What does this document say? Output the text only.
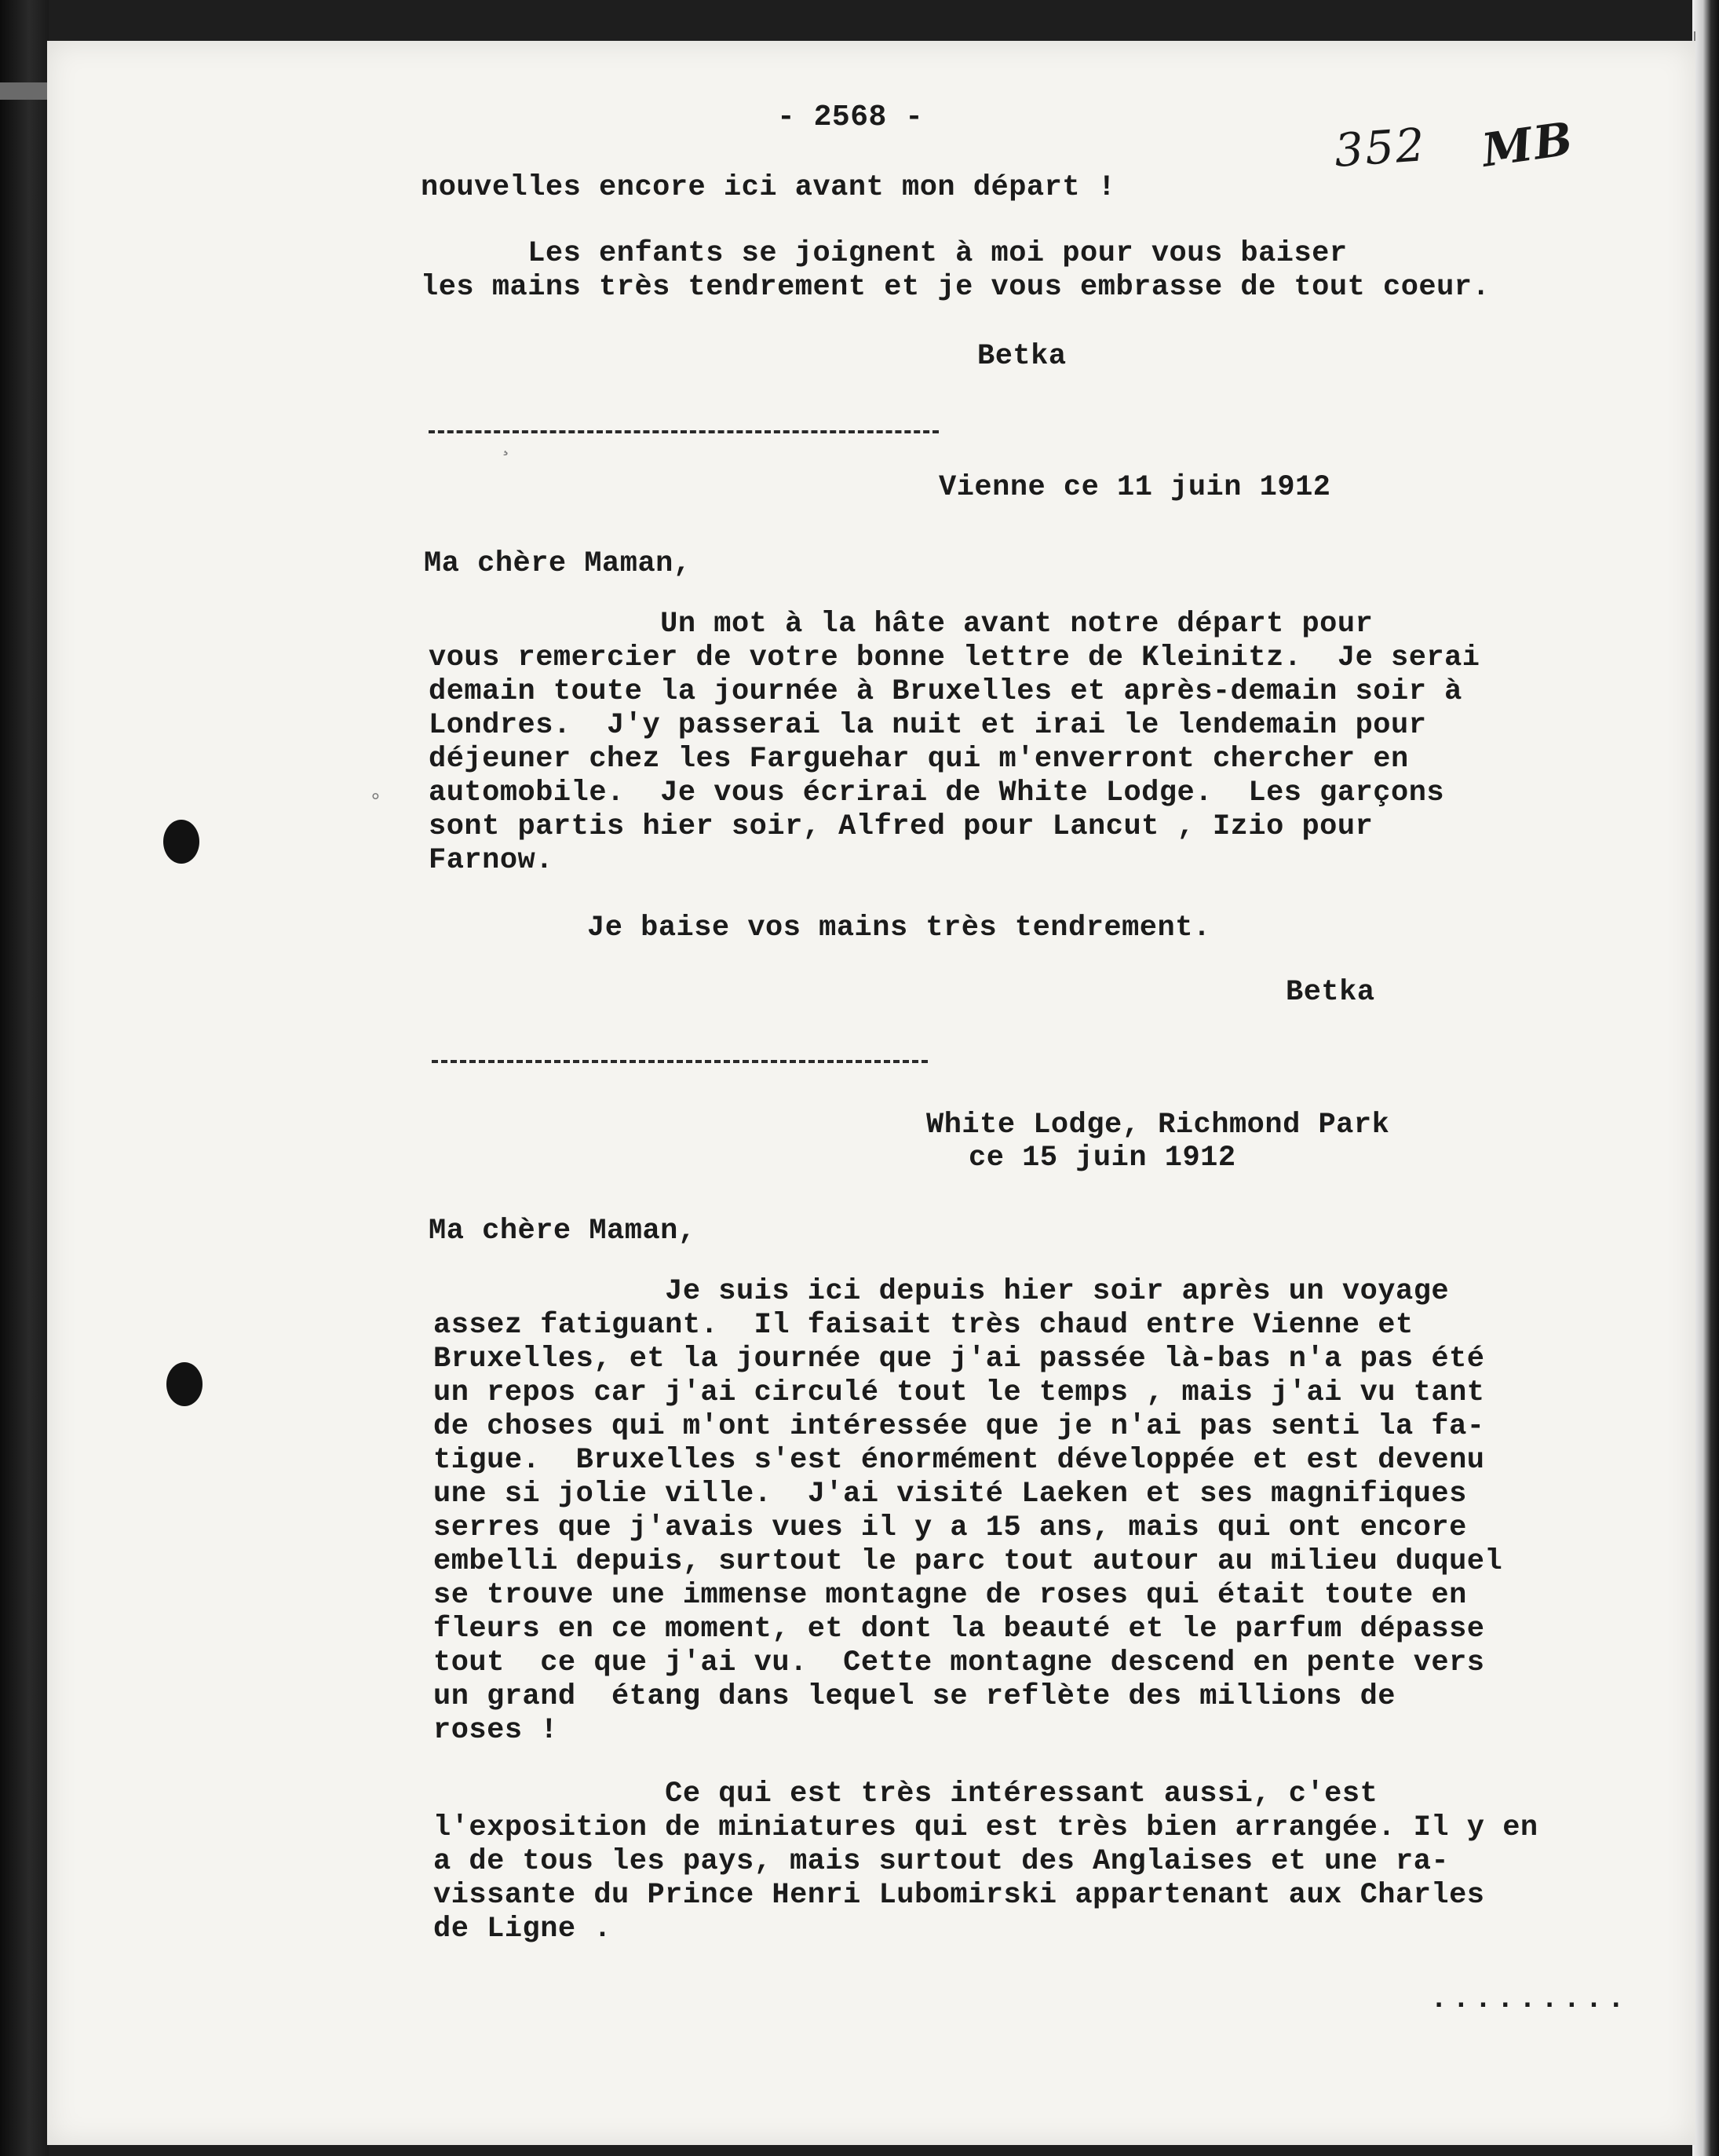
°
¸

- 2568 -

352 MB

nouvelles encore ici avant mon départ !

Les enfants se joignent à moi pour vous baiser
les mains très tendrement et je vous embrasse de tout coeur.

Betka

Vienne ce 11 juin 1912

Ma chère Maman,

Un mot à la hâte avant notre départ pour
vous remercier de votre bonne lettre de Kleinitz.  Je serai
demain toute la journée à Bruxelles et après-demain soir à
Londres.  J'y passerai la nuit et irai le lendemain pour
déjeuner chez les Farguehar qui m'enverront chercher en
automobile.  Je vous écrirai de White Lodge.  Les garçons
sont partis hier soir, Alfred pour Lancut , Izio pour
Farnow.

Je baise vos mains très tendrement.

Betka

White Lodge, Richmond Park

ce 15 juin 1912

Ma chère Maman,

Je suis ici depuis hier soir après un voyage
assez fatiguant.  Il faisait très chaud entre Vienne et
Bruxelles, et la journée que j'ai passée là-bas n'a pas été
un repos car j'ai circulé tout le temps , mais j'ai vu tant
de choses qui m'ont intéressée que je n'ai pas senti la fa-
tigue.  Bruxelles s'est énormément développée et est devenu
une si jolie ville.  J'ai visité Laeken et ses magnifiques
serres que j'avais vues il y a 15 ans, mais qui ont encore
embelli depuis, surtout le parc tout autour au milieu duquel
se trouve une immense montagne de roses qui était toute en
fleurs en ce moment, et dont la beauté et le parfum dépasse
tout  ce que j'ai vu.  Cette montagne descend en pente vers
un grand  étang dans lequel se reflète des millions de
roses !

Ce qui est très intéressant aussi, c'est
l'exposition de miniatures qui est très bien arrangée. Il y en
a de tous les pays, mais surtout des Anglaises et une ra-
vissante du Prince Henri Lubomirski appartenant aux Charles
de Ligne .

.........
